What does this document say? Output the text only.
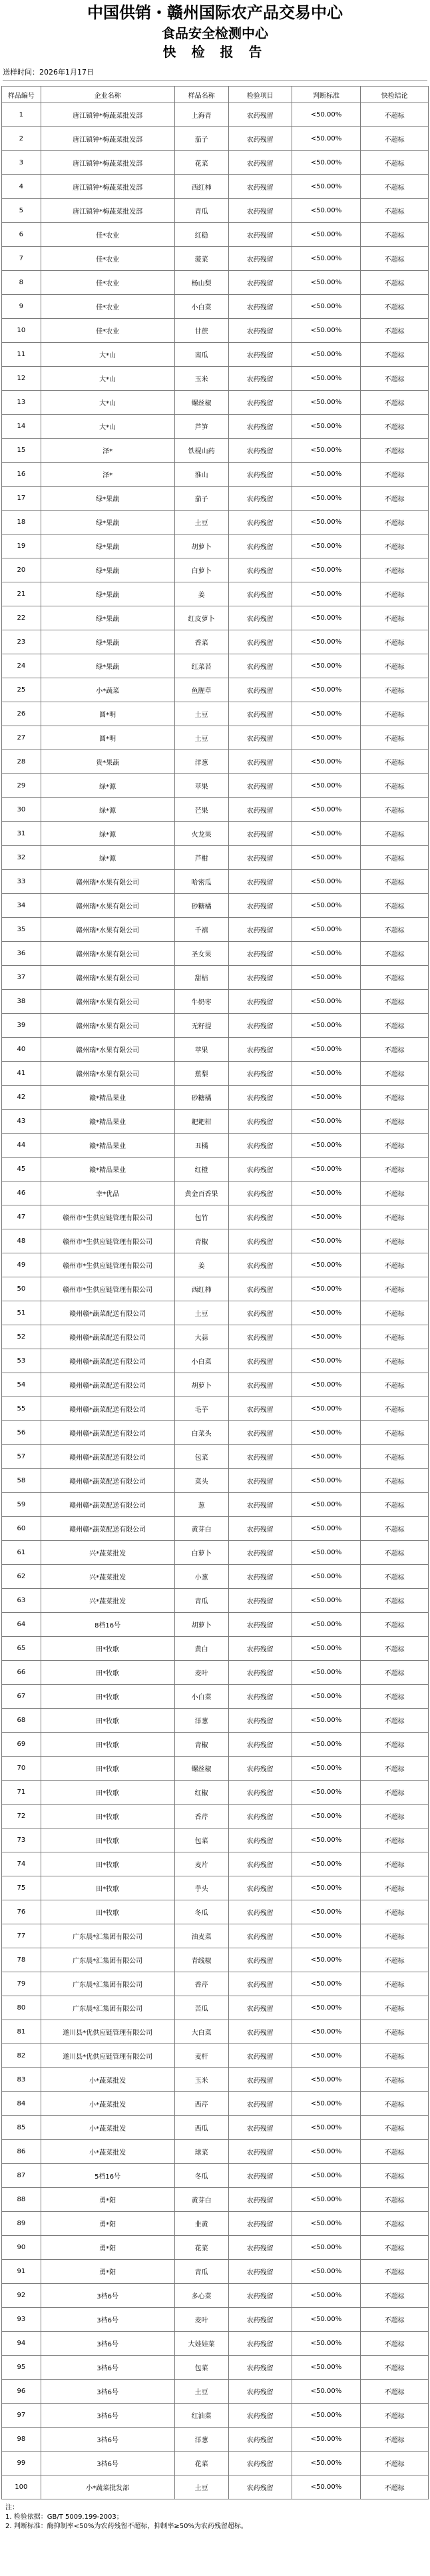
中国供销・赣州国际农产品交易中心
食品安全检测中心
快 检 报 告
送样时间：2026年1月17日
样品编号	企业名称	样品名称	检验项目	判断标准	快检结论
1	唐江镇钟*梅蔬菜批发部	上海青	农药残留	<50.00%	不超标
2	唐江镇钟*梅蔬菜批发部	茄子	农药残留	<50.00%	不超标
3	唐江镇钟*梅蔬菜批发部	花菜	农药残留	<50.00%	不超标
4	唐江镇钟*梅蔬菜批发部	西红柿	农药残留	<50.00%	不超标
5	唐江镇钟*梅蔬菜批发部	青瓜	农药残留	<50.00%	不超标
6	佳*农业	红稳	农药残留	<50.00%	不超标
7	佳*农业	菠菜	农药残留	<50.00%	不超标
8	佳*农业	杨山梨	农药残留	<50.00%	不超标
9	佳*农业	小白菜	农药残留	<50.00%	不超标
10	佳*农业	甘蔗	农药残留	<50.00%	不超标
11	大*山	南瓜	农药残留	<50.00%	不超标
12	大*山	玉米	农药残留	<50.00%	不超标
13	大*山	螺丝椒	农药残留	<50.00%	不超标
14	大*山	芦笋	农药残留	<50.00%	不超标
15	泽*	铁棍山药	农药残留	<50.00%	不超标
16	泽*	淮山	农药残留	<50.00%	不超标
17	绿*果蔬	茄子	农药残留	<50.00%	不超标
18	绿*果蔬	土豆	农药残留	<50.00%	不超标
19	绿*果蔬	胡萝卜	农药残留	<50.00%	不超标
20	绿*果蔬	白萝卜	农药残留	<50.00%	不超标
21	绿*果蔬	姜	农药残留	<50.00%	不超标
22	绿*果蔬	红皮萝卜	农药残留	<50.00%	不超标
23	绿*果蔬	香菜	农药残留	<50.00%	不超标
24	绿*果蔬	红菜苔	农药残留	<50.00%	不超标
25	小*蔬菜	鱼腥草	农药残留	<50.00%	不超标
26	圆*明	土豆	农药残留	<50.00%	不超标
27	圆*明	土豆	农药残留	<50.00%	不超标
28	贵*果蔬	洋葱	农药残留	<50.00%	不超标
29	绿*源	苹果	农药残留	<50.00%	不超标
30	绿*源	芒果	农药残留	<50.00%	不超标
31	绿*源	火龙果	农药残留	<50.00%	不超标
32	绿*源	芦柑	农药残留	<50.00%	不超标
33	赣州瑞*水果有限公司	哈密瓜	农药残留	<50.00%	不超标
34	赣州瑞*水果有限公司	砂糖橘	农药残留	<50.00%	不超标
35	赣州瑞*水果有限公司	千禧	农药残留	<50.00%	不超标
36	赣州瑞*水果有限公司	圣女果	农药残留	<50.00%	不超标
37	赣州瑞*水果有限公司	甜桔	农药残留	<50.00%	不超标
38	赣州瑞*水果有限公司	牛奶枣	农药残留	<50.00%	不超标
39	赣州瑞*水果有限公司	无籽提	农药残留	<50.00%	不超标
40	赣州瑞*水果有限公司	苹果	农药残留	<50.00%	不超标
41	赣州瑞*水果有限公司	蕉梨	农药残留	<50.00%	不超标
42	赣*精品果业	砂糖橘	农药残留	<50.00%	不超标
43	赣*精品果业	耙耙柑	农药残留	<50.00%	不超标
44	赣*精品果业	丑橘	农药残留	<50.00%	不超标
45	赣*精品果业	红橙	农药残留	<50.00%	不超标
46	幸*优品	黄金百香果	农药残留	<50.00%	不超标
47	赣州市*生供应链管理有限公司	包竹	农药残留	<50.00%	不超标
48	赣州市*生供应链管理有限公司	青椒	农药残留	<50.00%	不超标
49	赣州市*生供应链管理有限公司	姜	农药残留	<50.00%	不超标
50	赣州市*生供应链管理有限公司	西红柿	农药残留	<50.00%	不超标
51	赣州赣*蔬菜配送有限公司	土豆	农药残留	<50.00%	不超标
52	赣州赣*蔬菜配送有限公司	大蒜	农药残留	<50.00%	不超标
53	赣州赣*蔬菜配送有限公司	小白菜	农药残留	<50.00%	不超标
54	赣州赣*蔬菜配送有限公司	胡萝卜	农药残留	<50.00%	不超标
55	赣州赣*蔬菜配送有限公司	毛芋	农药残留	<50.00%	不超标
56	赣州赣*蔬菜配送有限公司	白菜头	农药残留	<50.00%	不超标
57	赣州赣*蔬菜配送有限公司	包菜	农药残留	<50.00%	不超标
58	赣州赣*蔬菜配送有限公司	菜头	农药残留	<50.00%	不超标
59	赣州赣*蔬菜配送有限公司	葱	农药残留	<50.00%	不超标
60	赣州赣*蔬菜配送有限公司	黄芽白	农药残留	<50.00%	不超标
61	兴*蔬菜批发	白萝卜	农药残留	<50.00%	不超标
62	兴*蔬菜批发	小葱	农药残留	<50.00%	不超标
63	兴*蔬菜批发	青瓜	农药残留	<50.00%	不超标
64	8档16号	胡萝卜	农药残留	<50.00%	不超标
65	田*牧歌	黄白	农药残留	<50.00%	不超标
66	田*牧歌	麦叶	农药残留	<50.00%	不超标
67	田*牧歌	小白菜	农药残留	<50.00%	不超标
68	田*牧歌	洋葱	农药残留	<50.00%	不超标
69	田*牧歌	青椒	农药残留	<50.00%	不超标
70	田*牧歌	螺丝椒	农药残留	<50.00%	不超标
71	田*牧歌	红椒	农药残留	<50.00%	不超标
72	田*牧歌	香芹	农药残留	<50.00%	不超标
73	田*牧歌	包菜	农药残留	<50.00%	不超标
74	田*牧歌	麦片	农药残留	<50.00%	不超标
75	田*牧歌	芋头	农药残留	<50.00%	不超标
76	田*牧歌	冬瓜	农药残留	<50.00%	不超标
77	广东晨*汇集团有限公司	油麦菜	农药残留	<50.00%	不超标
78	广东晨*汇集团有限公司	青线椒	农药残留	<50.00%	不超标
79	广东晨*汇集团有限公司	香芹	农药残留	<50.00%	不超标
80	广东晨*汇集团有限公司	苦瓜	农药残留	<50.00%	不超标
81	遂川县*优供应链管理有限公司	大白菜	农药残留	<50.00%	不超标
82	遂川县*优供应链管理有限公司	麦杆	农药残留	<50.00%	不超标
83	小*蔬菜批发	玉米	农药残留	<50.00%	不超标
84	小*蔬菜批发	西芹	农药残留	<50.00%	不超标
85	小*蔬菜批发	西瓜	农药残留	<50.00%	不超标
86	小*蔬菜批发	球菜	农药残留	<50.00%	不超标
87	5档16号	冬瓜	农药残留	<50.00%	不超标
88	勇*阳	黄芽白	农药残留	<50.00%	不超标
89	勇*阳	韭黄	农药残留	<50.00%	不超标
90	勇*阳	花菜	农药残留	<50.00%	不超标
91	勇*阳	青瓜	农药残留	<50.00%	不超标
92	3档6号	多心菜	农药残留	<50.00%	不超标
93	3档6号	麦叶	农药残留	<50.00%	不超标
94	3档6号	大娃娃菜	农药残留	<50.00%	不超标
95	3档6号	包菜	农药残留	<50.00%	不超标
96	3档6号	土豆	农药残留	<50.00%	不超标
97	3档6号	红油菜	农药残留	<50.00%	不超标
98	3档6号	洋葱	农药残留	<50.00%	不超标
99	3档6号	花菜	农药残留	<50.00%	不超标
100	小*蔬菜批发部	土豆	农药残留	<50.00%	不超标
注：
1. 检验依据：GB/T 5009.199-2003；
2. 判断标准：酶抑制率<50%为农药残留不超标，抑制率≥50%为农药残留超标。
